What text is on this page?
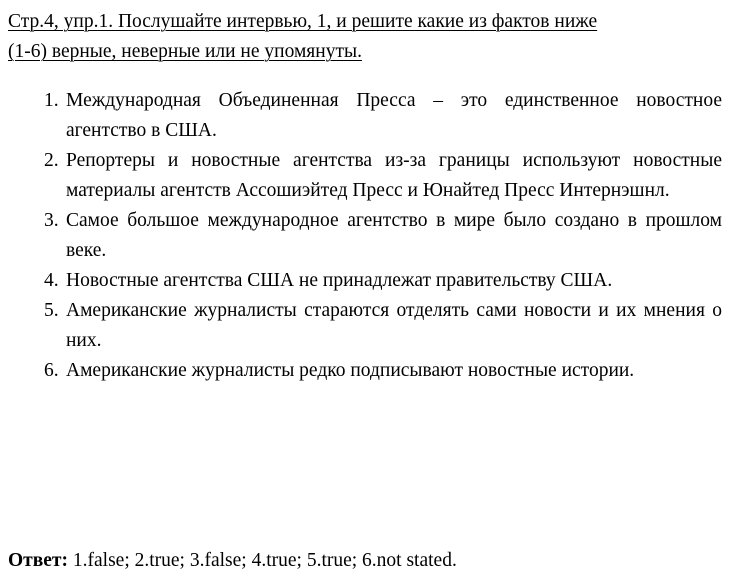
Стр.4, упр.1. Послушайте интервью, 1, и решите какие из фактов ниже
(1-6) верные, неверные или не упомянуты.
1. Международная Объединенная Пресса – это единственное новостное агентство в США.
2. Репортеры и новостные агентства из-за границы используют новостные материалы агентств Ассошиэйтед Пресс и Юнайтед Пресс Интернэшнл.
3. Самое большое международное агентство в мире было создано в прошлом веке.
4. Новостные агентства США не принадлежат правительству США.
5. Американские журналисты стараются отделять сами новости и их мнения о них.
6. Американские журналисты редко подписывают новостные истории.
Ответ: 1.false; 2.true; 3.false; 4.true; 5.true; 6.not stated.
